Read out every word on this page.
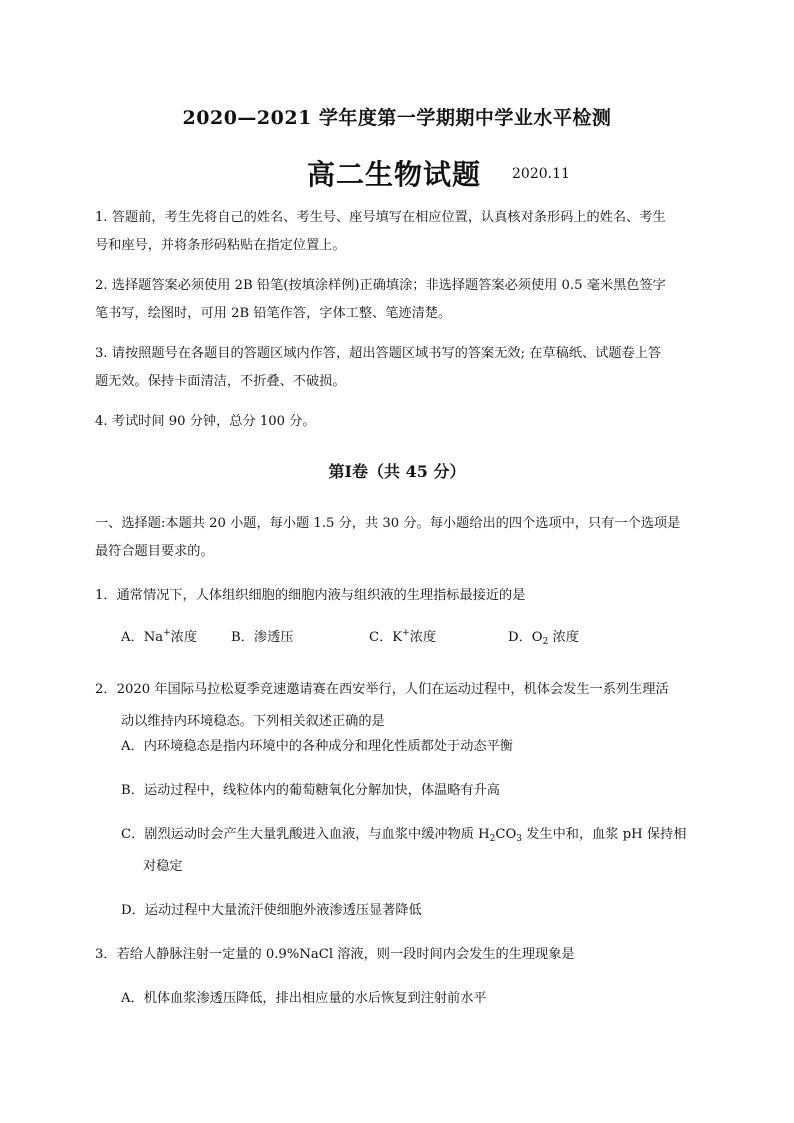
2020—2021 学年度第一学期期中学业水平检测
高二生物试题 2020.11
1. 答题前，考生先将自己的姓名、考生号、座号填写在相应位置，认真核对条形码上的姓名、考生
号和座号，并将条形码粘贴在指定位置上。
2. 选择题答案必须使用 2B 铅笔(按填涂样例)正确填涂；非选择题答案必须使用 0.5 毫米黑色签字
笔书写，绘图时，可用 2B 铅笔作答，字体工整、笔迹清楚。
3. 请按照题号在各题目的答题区域内作答，超出答题区域书写的答案无效; 在草稿纸、试题卷上答
题无效。保持卡面清洁，不折叠、不破损。
4. 考试时间 90 分钟，总分 100 分。
第Ⅰ卷（共 45 分）
一、选择题:本题共 20 小题，每小题 1.5 分，共 30 分。每小题给出的四个选项中，只有一个选项是
最符合题目要求的。
1．通常情况下，人体组织细胞的细胞内液与组织液的生理指标最接近的是
A．Na+浓度	B．渗透压	C．K+浓度	D．$O_2$ 浓度
2．2020 年国际马拉松夏季竞速邀请赛在西安举行，人们在运动过程中，机体会发生一系列生理活
动以维持内环境稳态。下列相关叙述正确的是
A．内环境稳态是指内环境中的各种成分和理化性质都处于动态平衡
B．运动过程中，线粒体内的葡萄糖氧化分解加快，体温略有升高
C．剧烈运动时会产生大量乳酸进入血液，与血浆中缓冲物质 $H_2CO_3$ 发生中和，血浆 pH 保持相
对稳定
D．运动过程中大量流汗使细胞外液渗透压显著降低
3．若给人静脉注射一定量的 0.9%NaCl 溶液，则一段时间内会发生的生理现象是
A．机体血浆渗透压降低，排出相应量的水后恢复到注射前水平
